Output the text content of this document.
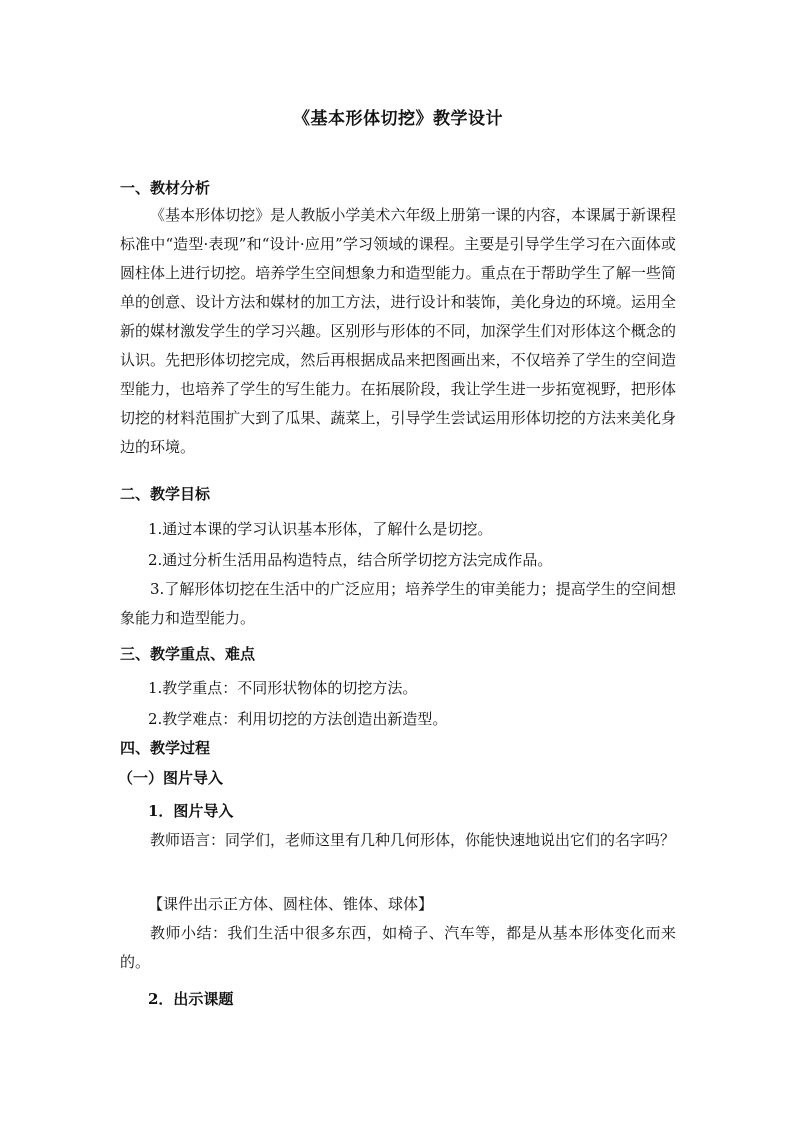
《基本形体切挖》教学设计
一、教材分析

《基本形体切挖》是人教版小学美术六年级上册第一课的内容，本课属于新课程标准中“造型·表现”和“设计·应用”学习领域的课程。主要是引导学生学习在六面体或圆柱体上进行切挖。培养学生空间想象力和造型能力。重点在于帮助学生了解一些简单的创意、设计方法和媒材的加工方法，进行设计和装饰，美化身边的环境。运用全新的媒材激发学生的学习兴趣。区别形与形体的不同，加深学生们对形体这个概念的认识。先把形体切挖完成，然后再根据成品来把图画出来，不仅培养了学生的空间造型能力，也培养了学生的写生能力。在拓展阶段，我让学生进一步拓宽视野，把形体切挖的材料范围扩大到了瓜果、蔬菜上，引导学生尝试运用形体切挖的方法来美化身边的环境。

二、教学目标
1.通过本课的学习认识基本形体，了解什么是切挖。
2.通过分析生活用品构造特点，结合所学切挖方法完成作品。

3.了解形体切挖在生活中的广泛应用；培养学生的审美能力；提高学生的空间想象能力和造型能力。

三、教学重点、难点
1.教学重点：不同形状物体的切挖方法。
2.教学难点：利用切挖的方法创造出新造型。
四、教学过程
（一）图片导入
1．图片导入

教师语言：同学们，老师这里有几种几何形体，你能快速地说出它们的名字吗？

【课件出示正方体、圆柱体、锥体、球体】

教师小结：我们生活中很多东西，如椅子、汽车等，都是从基本形体变化而来的。

2．出示课题
